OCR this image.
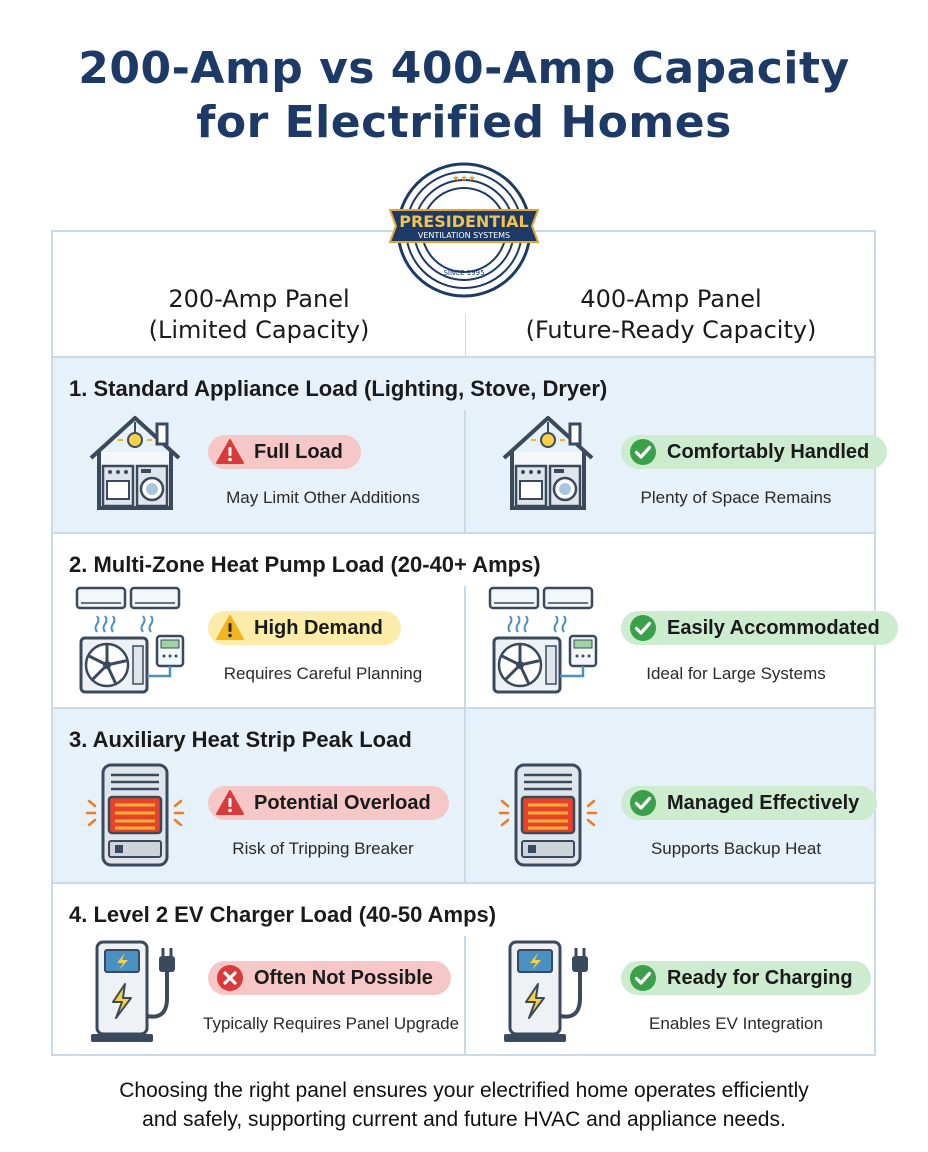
200-Amp vs 400-Amp Capacity
for Electrified Homes
200-Amp Panel
(Limited Capacity)
400-Amp Panel
(Future-Ready Capacity)
1. Standard Appliance Load (Lighting, Stove, Dryer)
Full Load
May Limit Other Additions
Comfortably Handled
Plenty of Space Remains
2. Multi-Zone Heat Pump Load (20-40+ Amps)
High Demand
Requires Careful Planning
Easily Accommodated
Ideal for Large Systems
3. Auxiliary Heat Strip Peak Load
Potential Overload
Risk of Tripping Breaker
Managed Effectively
Supports Backup Heat
4. Level 2 EV Charger Load (40-50 Amps)
Often Not Possible
Typically Requires Panel Upgrade
Ready for Charging
Enables EV Integration
★★★
PRESIDENTIAL
VENTILATION SYSTEMS
SINCE 1995
Choosing the right panel ensures your electrified home operates efficiently
and safely, supporting current and future HVAC and appliance needs.
